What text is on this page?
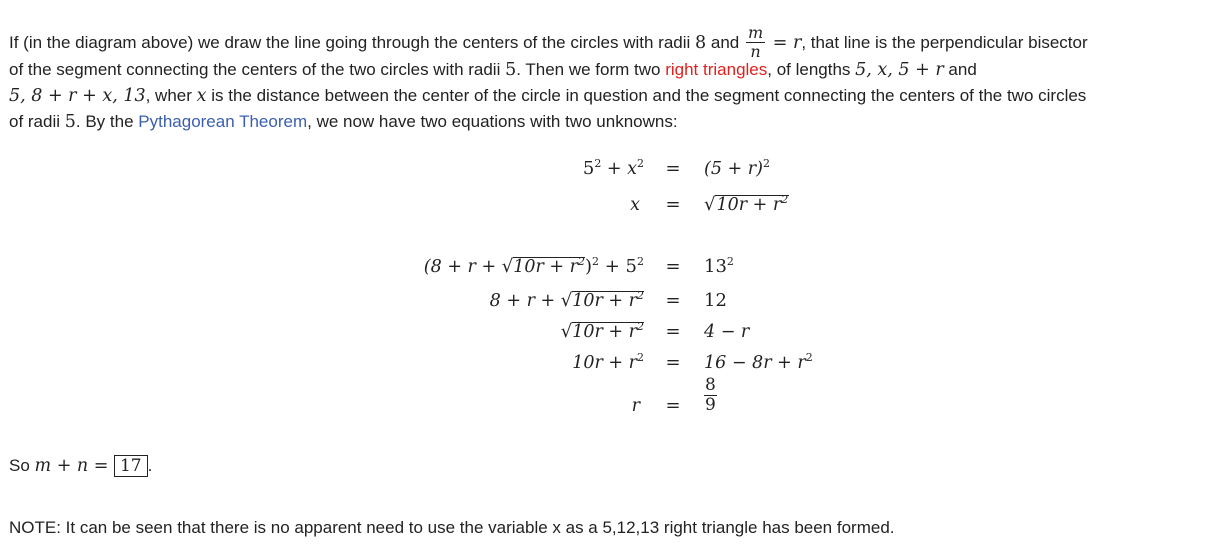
If (in the diagram above) we draw the line going through the centers of the circles with radii 8 and $\frac{m}{n} = r$, that line is the perpendicular bisector
of the segment connecting the centers of the two circles with radii 5. Then we form two right triangles, of lengths 5, x, 5 + r and
5, 8 + r + x, 13, wher x is the distance between the center of the circle in question and the segment connecting the centers of the two circles
of radii 5. By the Pythagorean Theorem, we now have two equations with two unknowns:
$5^2 + x^2$	=	$(5 + r)^2$
x	=	$√10r + r^2$
$(8 + r + √10r + r^2)^2 + 5^2$	=	$13^2$
$8 + r + √10r + r^2$	=	12
$√10r + r^2$	=	4 − r
$10r + r^2$	=	$16 - 8r + r^2$
r	=	$\frac{8}{9}$
So m + n = 17 .
NOTE: It can be seen that there is no apparent need to use the variable x as a 5,12,13 right triangle has been formed.
